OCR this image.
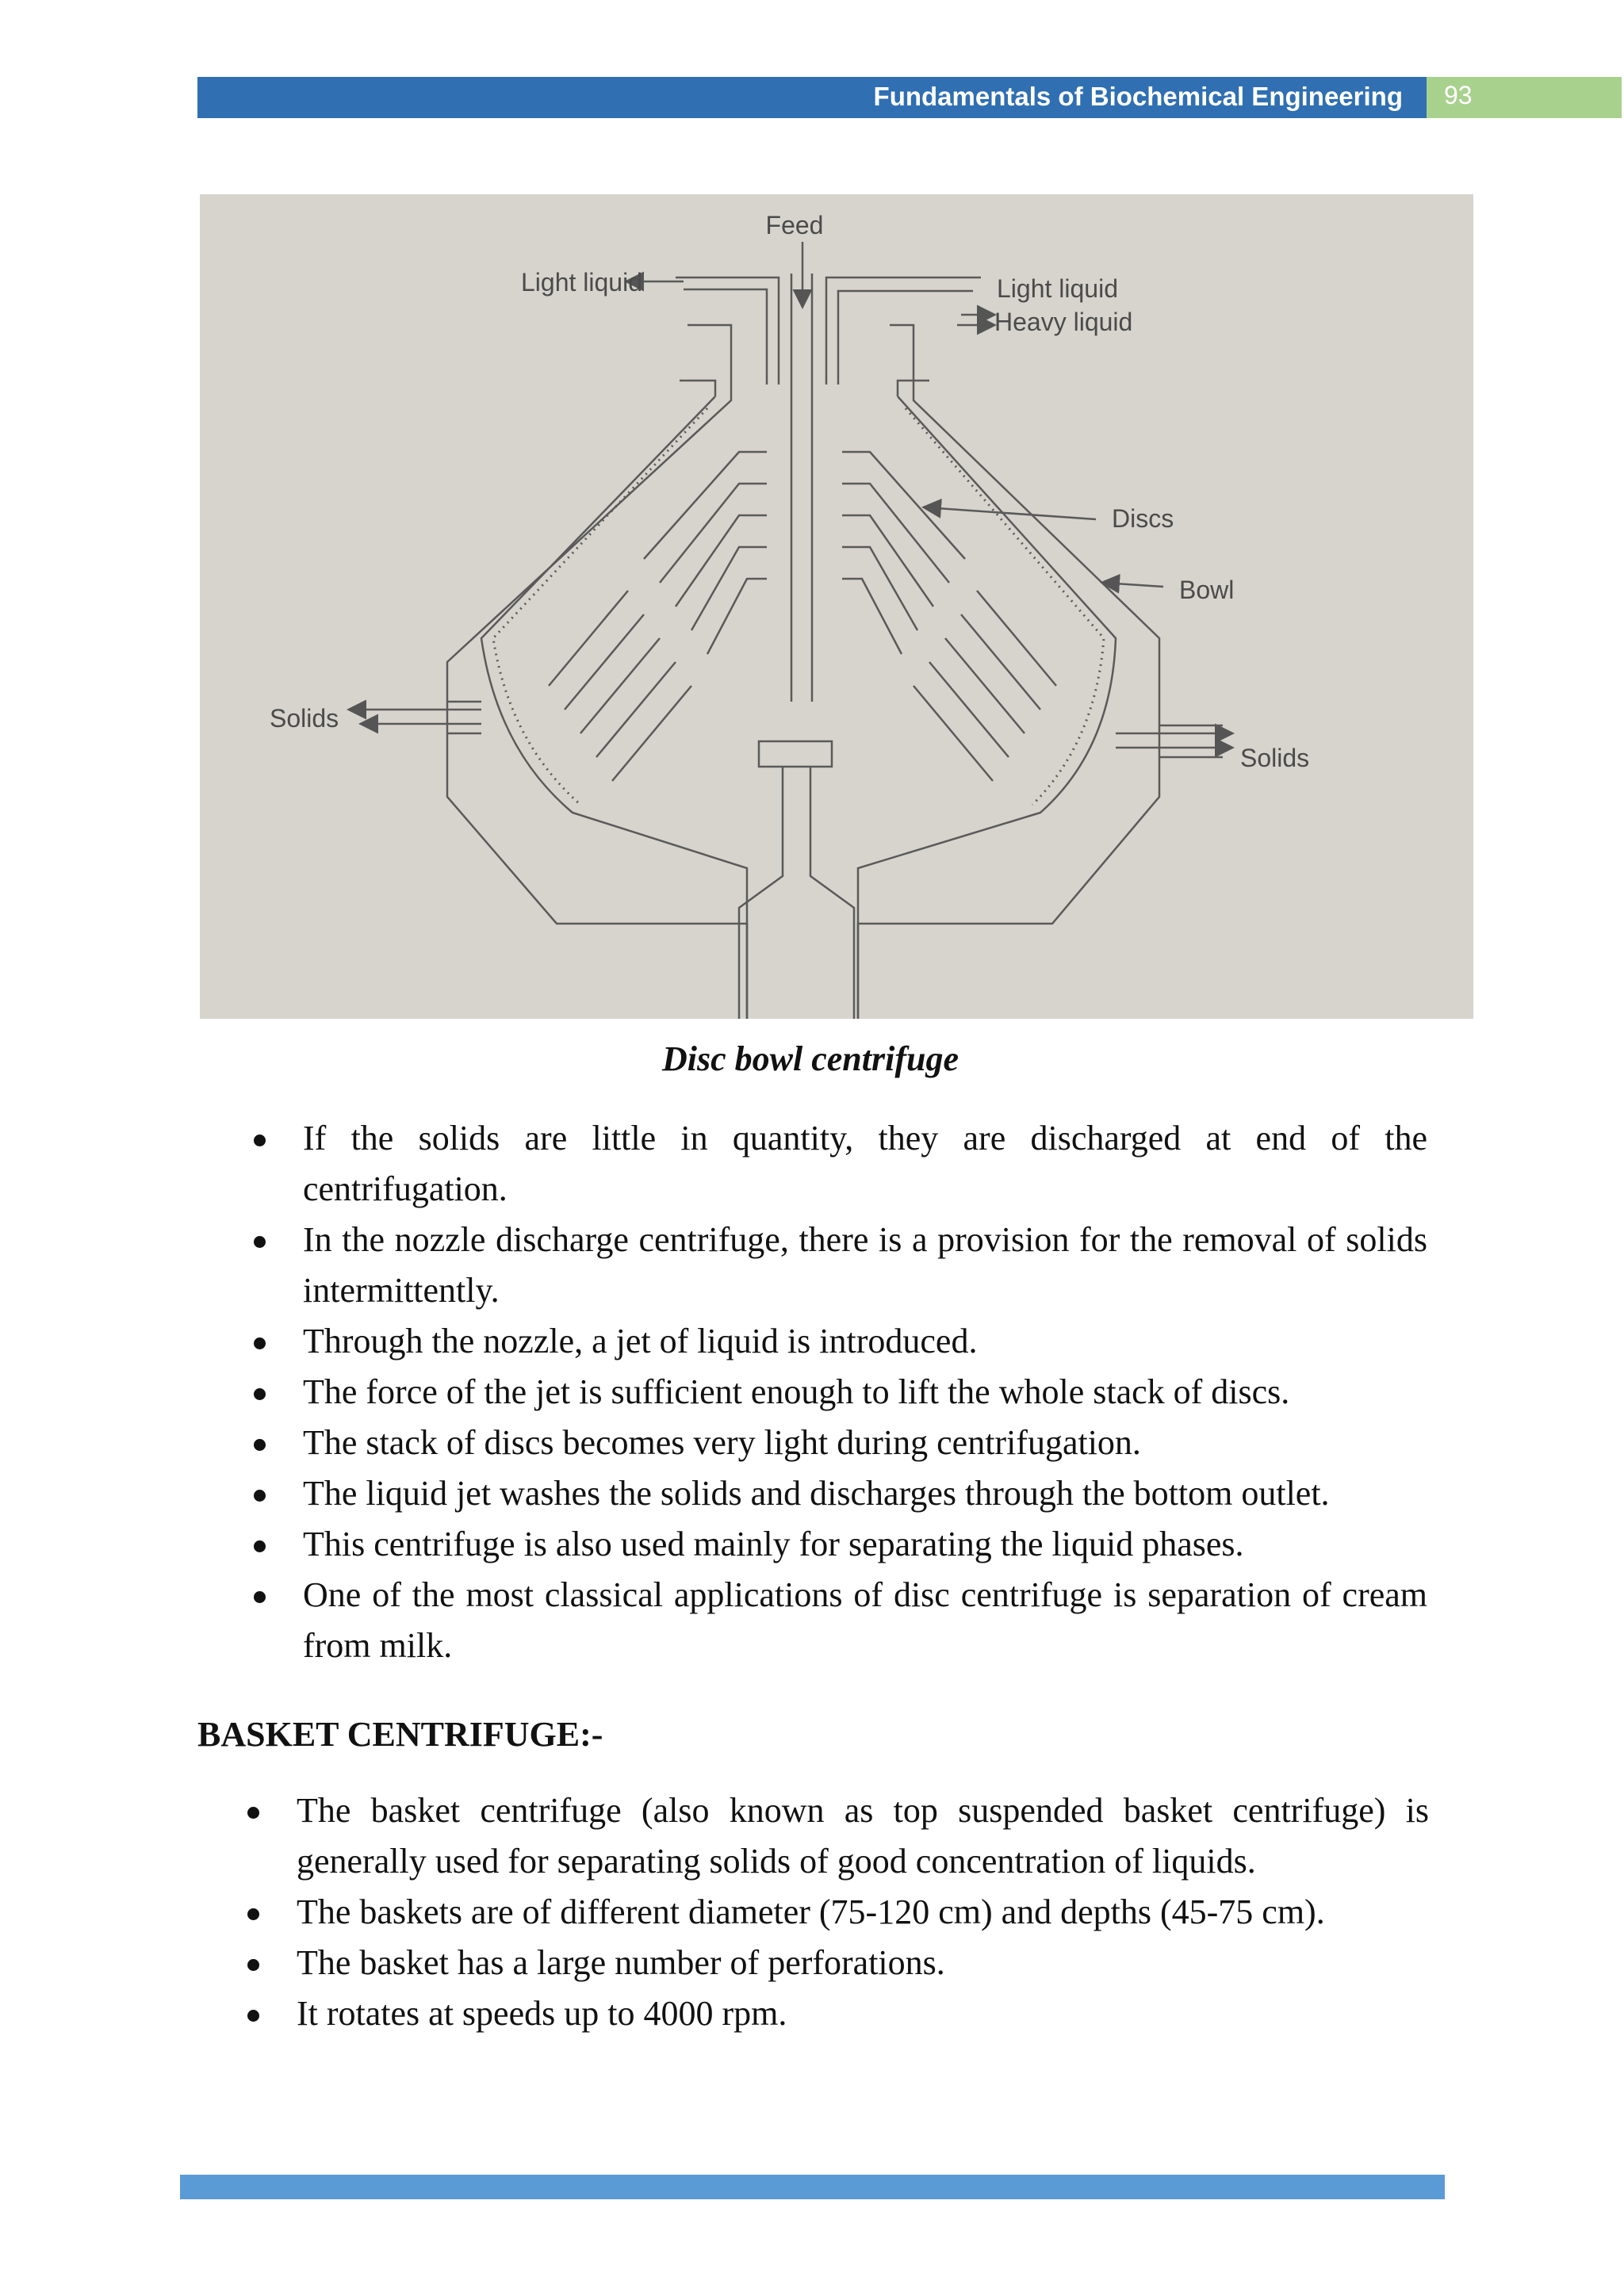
Fundamentals of Biochemical Engineering 93
Feed
Light liquid	Light liquid
Heavy liquid
Discs
Bowl
Solids
Solids
Disc bowl centrifuge
If the solids are little in quantity, they are discharged at end of the centrifugation.
In the nozzle discharge centrifuge, there is a provision for the removal of solids intermittently.
Through the nozzle, a jet of liquid is introduced.
The force of the jet is sufficient enough to lift the whole stack of discs.
The stack of discs becomes very light during centrifugation.
The liquid jet washes the solids and discharges through the bottom outlet.
This centrifuge is also used mainly for separating the liquid phases.
One of the most classical applications of disc centrifuge is separation of cream from milk.
BASKET CENTRIFUGE:-
The basket centrifuge (also known as top suspended basket centrifuge) is generally used for separating solids of good concentration of liquids.
The baskets are of different diameter (75-120 cm) and depths (45-75 cm).
The basket has a large number of perforations.
It rotates at speeds up to 4000 rpm.
